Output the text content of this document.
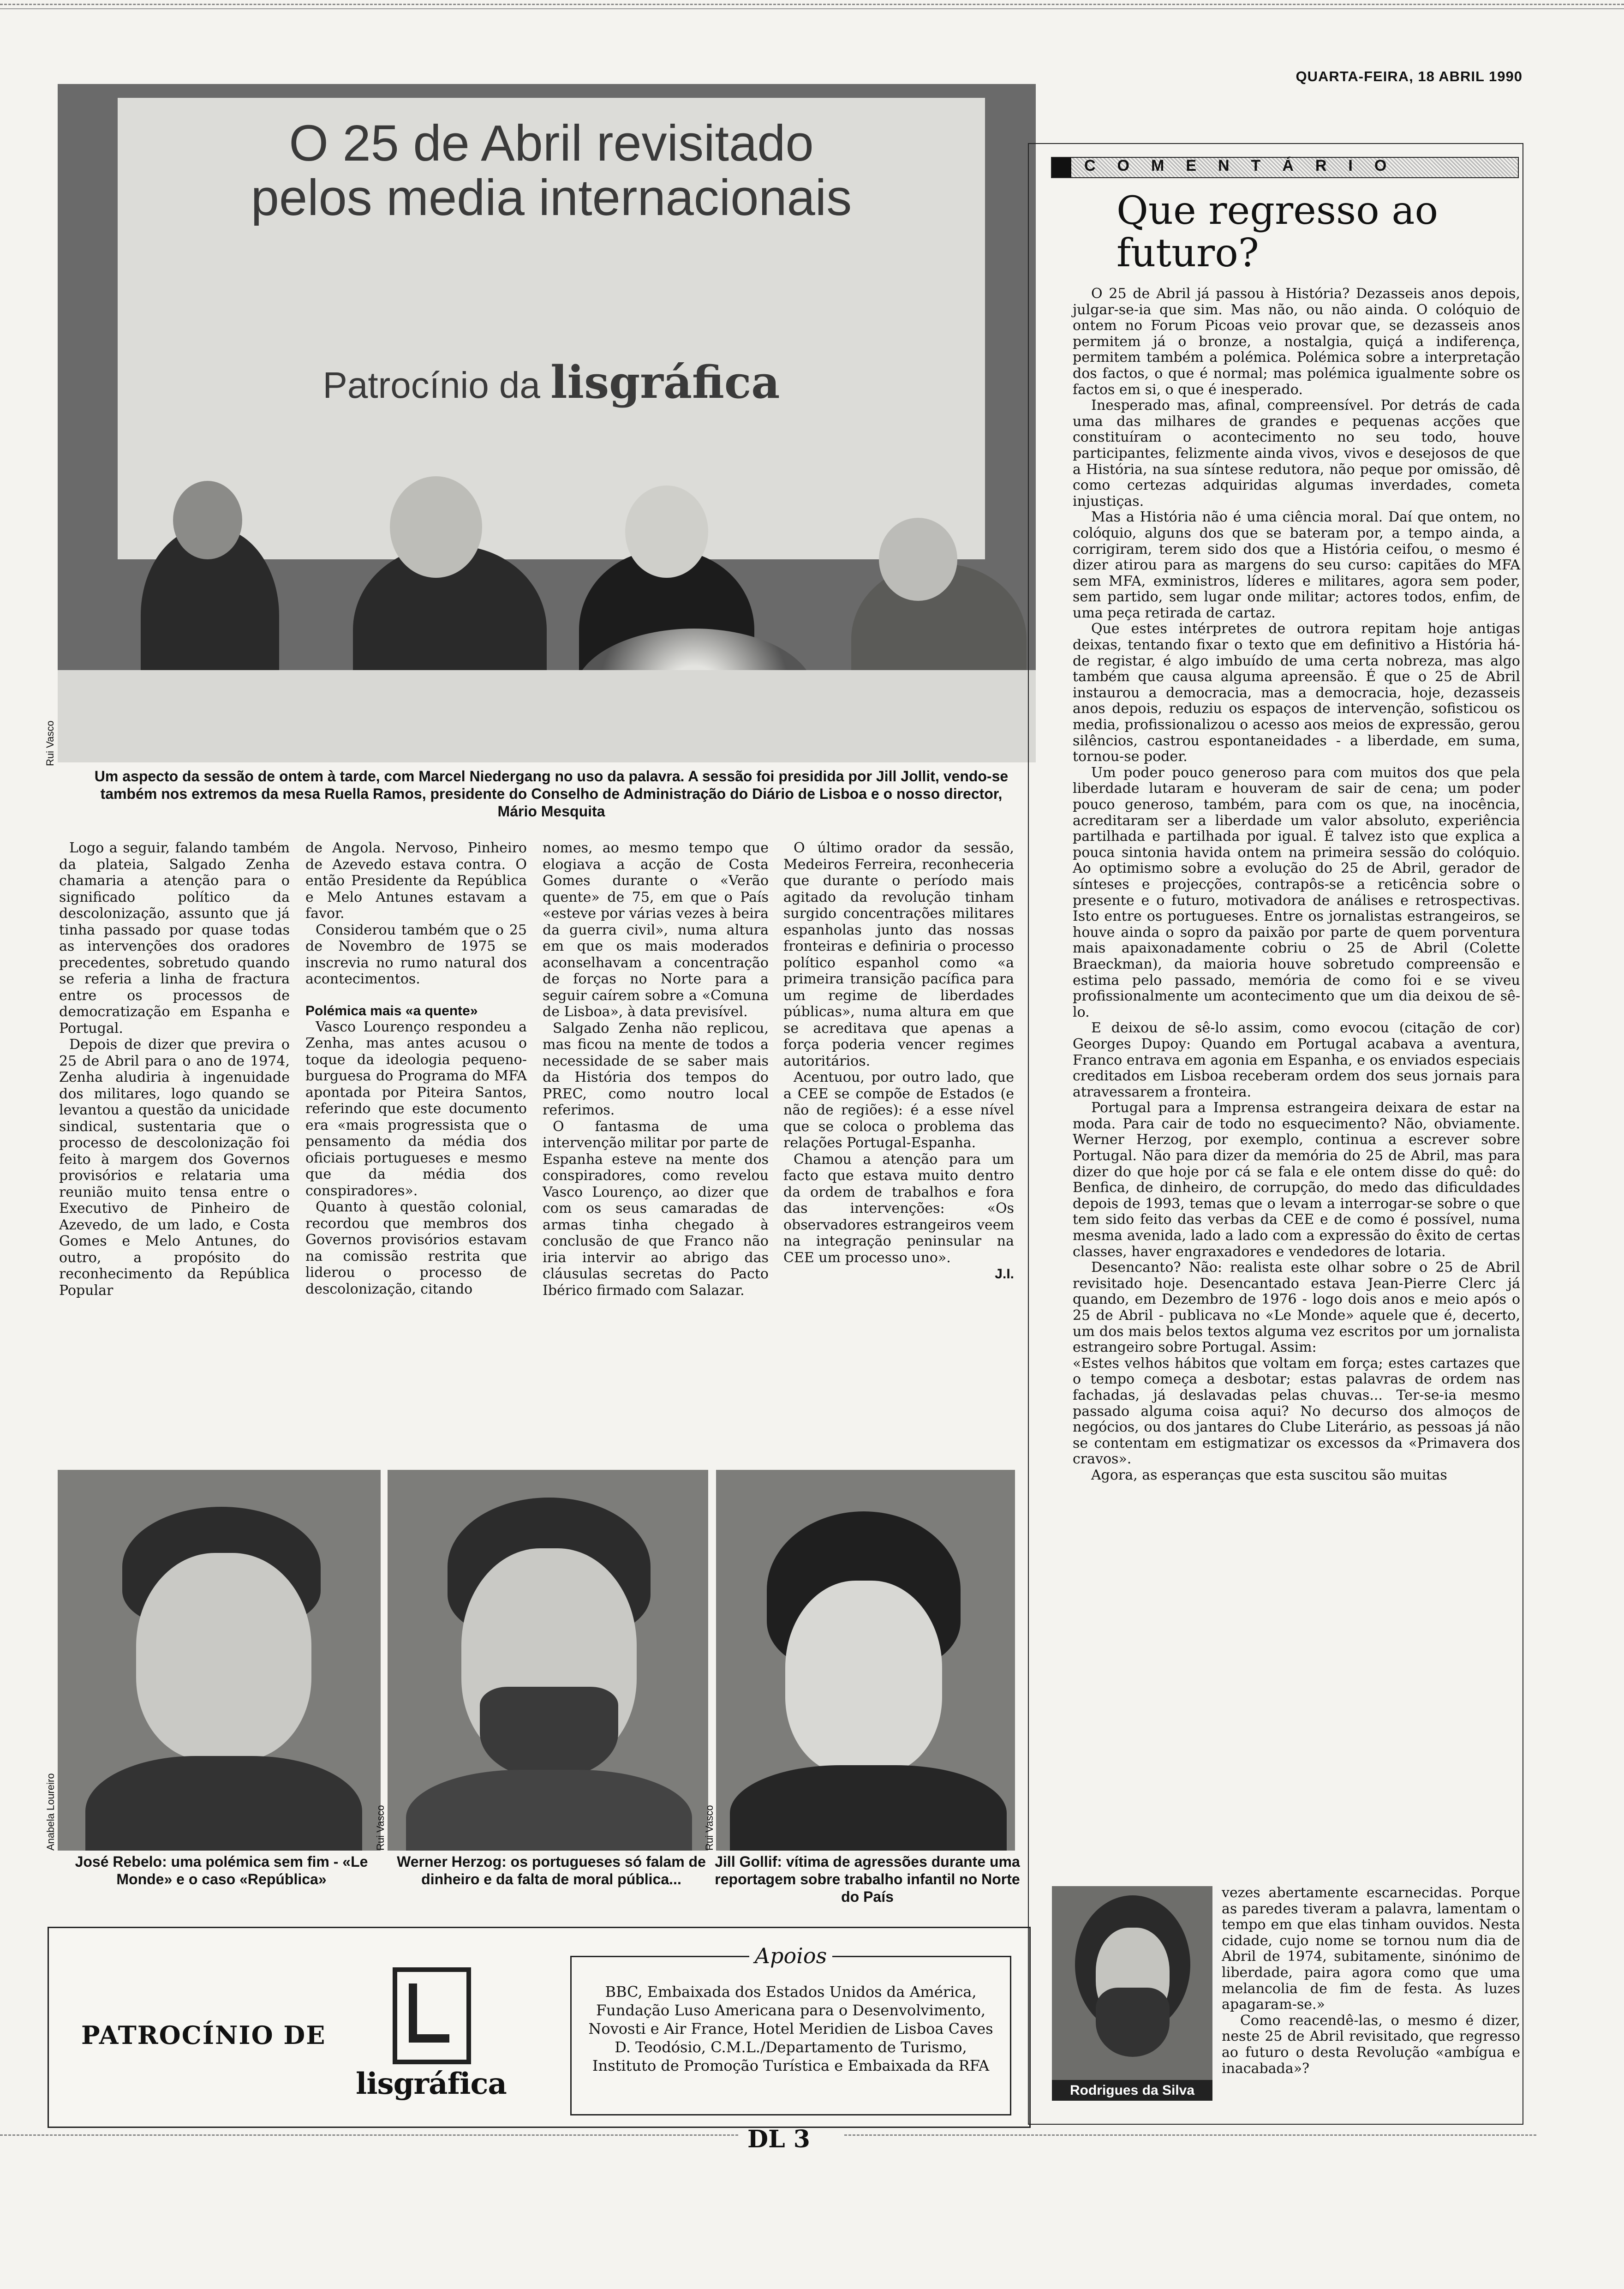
QUARTA-FEIRA, 18 ABRIL 1990
O 25 de Abril revisitado
pelos media internacionais
Patrocínio da lisgráfica
Rui Vasco
Um aspecto da sessão de ontem à tarde, com Marcel Niedergang no uso da palavra. A sessão foi presidida por Jill Jollit, vendo-se também nos extremos da mesa Ruella Ramos, presidente do Conselho de Administração do Diário de Lisboa e o nosso director, Mário Mesquita

Logo a seguir, falando também da plateia, Salgado Zenha chamaria a atenção para o significado político da descolonização, assunto que já tinha passado por quase todas as intervenções dos oradores precedentes, sobretudo quando se referia a linha de fractura entre os processos de democratização em Espanha e Portugal.

Depois de dizer que previra o 25 de Abril para o ano de 1974, Zenha aludiria à ingenuidade dos militares, logo quando se levantou a questão da unicidade sindical, sustentaria que o processo de descolonização foi feito à margem dos Governos provisórios e relataria uma reunião muito tensa entre o Executivo de Pinheiro de Azevedo, de um lado, e Costa Gomes e Melo Antunes, do outro, a propósito do reconhecimento da República Popular

de Angola. Nervoso, Pinheiro de Azevedo estava contra. O então Presidente da República e Melo Antunes estavam a favor.

Considerou também que o 25 de Novembro de 1975 se inscrevia no rumo natural dos acontecimentos.

Polémica mais «a quente»

Vasco Lourenço respondeu a Zenha, mas antes acusou o toque da ideologia pequeno-burguesa do Programa do MFA apontada por Piteira Santos, referindo que este documento era «mais progressista que o pensamento da média dos oficiais portugueses e mesmo que da média dos conspiradores».

Quanto à questão colonial, recordou que membros dos Governos provisórios estavam na comissão restrita que liderou o processo de descolonização, citando

nomes, ao mesmo tempo que elogiava a acção de Costa Gomes durante o «Verão quente» de 75, em que o País «esteve por várias vezes à beira da guerra civil», numa altura em que os mais moderados aconselhavam a concentração de forças no Norte para a seguir caírem sobre a «Comuna de Lisboa», à data previsível.

Salgado Zenha não replicou, mas ficou na mente de todos a necessidade de se saber mais da História dos tempos do PREC, como noutro local referimos.

O fantasma de uma intervenção militar por parte de Espanha esteve na mente dos conspiradores, como revelou Vasco Lourenço, ao dizer que com os seus camaradas de armas tinha chegado à conclusão de que Franco não iria intervir ao abrigo das cláusulas secretas do Pacto Ibérico firmado com Salazar.

O último orador da sessão, Medeiros Ferreira, reconheceria que durante o período mais agitado da revolução tinham surgido concentrações militares espanholas junto das nossas fronteiras e definiria o processo político espanhol como «a primeira transição pacífica para um regime de liberdades públicas», numa altura em que se acreditava que apenas a força poderia vencer regimes autoritários.

Acentuou, por outro lado, que a CEE se compõe de Estados (e não de regiões): é a esse nível que se coloca o problema das relações Portugal-Espanha.

Chamou a atenção para um facto que estava muito dentro da ordem de trabalhos e fora das intervenções: «Os observadores estrangeiros veem na integração peninsular na CEE um processo uno».

J.I.
Anabela Loureiro
José Rebelo: uma polémica sem fim - «Le Monde» e o caso «República»
Rui Vasco
Werner Herzog: os portugueses só falam de dinheiro e da falta de moral pública...
Rui Vasco
Jill Gollif: vítima de agressões durante uma reportagem sobre trabalho infantil no Norte do País
PATROCÍNIO DE
lisgráfica
Apoios
BBC, Embaixada dos Estados Unidos da América, Fundação Luso Americana para o Desenvolvimento, Novosti e Air France, Hotel Meridien de Lisboa Caves D. Teodósio, C.M.L./Departamento de Turismo, Instituto de Promoção Turística e Embaixada da RFA
COMENTÁRIO
Que regresso ao futuro?

O 25 de Abril já passou à História? Dezasseis anos depois, julgar-se-ia que sim. Mas não, ou não ainda. O colóquio de ontem no Forum Picoas veio provar que, se dezasseis anos permitem já o bronze, a nostalgia, quiçá a indiferença, permitem também a polémica. Polémica sobre a interpretação dos factos, o que é normal; mas polémica igualmente sobre os factos em si, o que é inesperado.

Inesperado mas, afinal, compreensível. Por detrás de cada uma das milhares de grandes e pequenas acções que constituíram o acontecimento no seu todo, houve participantes, felizmente ainda vivos, vivos e desejosos de que a História, na sua síntese redutora, não peque por omissão, dê como certezas adquiridas algumas inverdades, cometa injustiças.

Mas a História não é uma ciência moral. Daí que ontem, no colóquio, alguns dos que se bateram por, a tempo ainda, a corrigiram, terem sido dos que a História ceifou, o mesmo é dizer atirou para as margens do seu curso: capitães do MFA sem MFA, exministros, líderes e militares, agora sem poder, sem partido, sem lugar onde militar; actores todos, enfim, de uma peça retirada de cartaz.

Que estes intérpretes de outrora repitam hoje antigas deixas, tentando fixar o texto que em definitivo a História há-de registar, é algo imbuído de uma certa nobreza, mas algo também que causa alguma apreensão. É que o 25 de Abril instaurou a democracia, mas a democracia, hoje, dezasseis anos depois, reduziu os espaços de intervenção, sofisticou os media, profissionalizou o acesso aos meios de expressão, gerou silêncios, castrou espontaneidades - a liberdade, em suma, tornou-se poder.

Um poder pouco generoso para com muitos dos que pela liberdade lutaram e houveram de sair de cena; um poder pouco generoso, também, para com os que, na inocência, acreditaram ser a liberdade um valor absoluto, experiência partilhada e partilhada por igual. É talvez isto que explica a pouca sintonia havida ontem na primeira sessão do colóquio. Ao optimismo sobre a evolução do 25 de Abril, gerador de sínteses e projecções, contrapôs-se a reticência sobre o presente e o futuro, motivadora de análises e retrospectivas. Isto entre os portugueses. Entre os jornalistas estrangeiros, se houve ainda o sopro da paixão por parte de quem porventura mais apaixonadamente cobriu o 25 de Abril (Colette Braeckman), da maioria houve sobretudo compreensão e estima pelo passado, memória de como foi e se viveu profissionalmente um acontecimento que um dia deixou de sê-lo.

E deixou de sê-lo assim, como evocou (citação de cor) Georges Dupoy: Quando em Portugal acabava a aventura, Franco entrava em agonia em Espanha, e os enviados especiais creditados em Lisboa receberam ordem dos seus jornais para atravessarem a fronteira.

Portugal para a Imprensa estrangeira deixara de estar na moda. Para cair de todo no esquecimento? Não, obviamente. Werner Herzog, por exemplo, continua a escrever sobre Portugal. Não para dizer da memória do 25 de Abril, mas para dizer do que hoje por cá se fala e ele ontem disse do quê: do Benfica, de dinheiro, de corrupção, do medo das dificuldades depois de 1993, temas que o levam a interrogar-se sobre o que tem sido feito das verbas da CEE e de como é possível, numa mesma avenida, lado a lado com a expressão do êxito de certas classes, haver engraxadores e vendedores de lotaria.

Desencanto? Não: realista este olhar sobre o 25 de Abril revisitado hoje. Desencantado estava Jean-Pierre Clerc já quando, em Dezembro de 1976 - logo dois anos e meio após o 25 de Abril - publicava no «Le Monde» aquele que é, decerto, um dos mais belos textos alguma vez escritos por um jornalista estrangeiro sobre Portugal. Assim:

«Estes velhos hábitos que voltam em força; estes cartazes que o tempo começa a desbotar; estas palavras de ordem nas fachadas, já deslavadas pelas chuvas... Ter-se-ia mesmo passado alguma coisa aqui? No decurso dos almoços de negócios, ou dos jantares do Clube Literário, as pessoas já não se contentam em estigmatizar os excessos da «Primavera dos cravos».

Agora, as esperanças que esta suscitou são muitas

Rodrigues da Silva

vezes abertamente escarnecidas. Porque as paredes tiveram a palavra, lamentam o tempo em que elas tinham ouvidos. Nesta cidade, cujo nome se tornou num dia de Abril de 1974, subitamente, sinónimo de liberdade, paira agora como que uma melancolia de fim de festa. As luzes apagaram-se.»

Como reacendê-las, o mesmo é dizer, neste 25 de Abril revisitado, que regresso ao futuro o desta Revolução «ambígua e inacabada»?

DL 3
